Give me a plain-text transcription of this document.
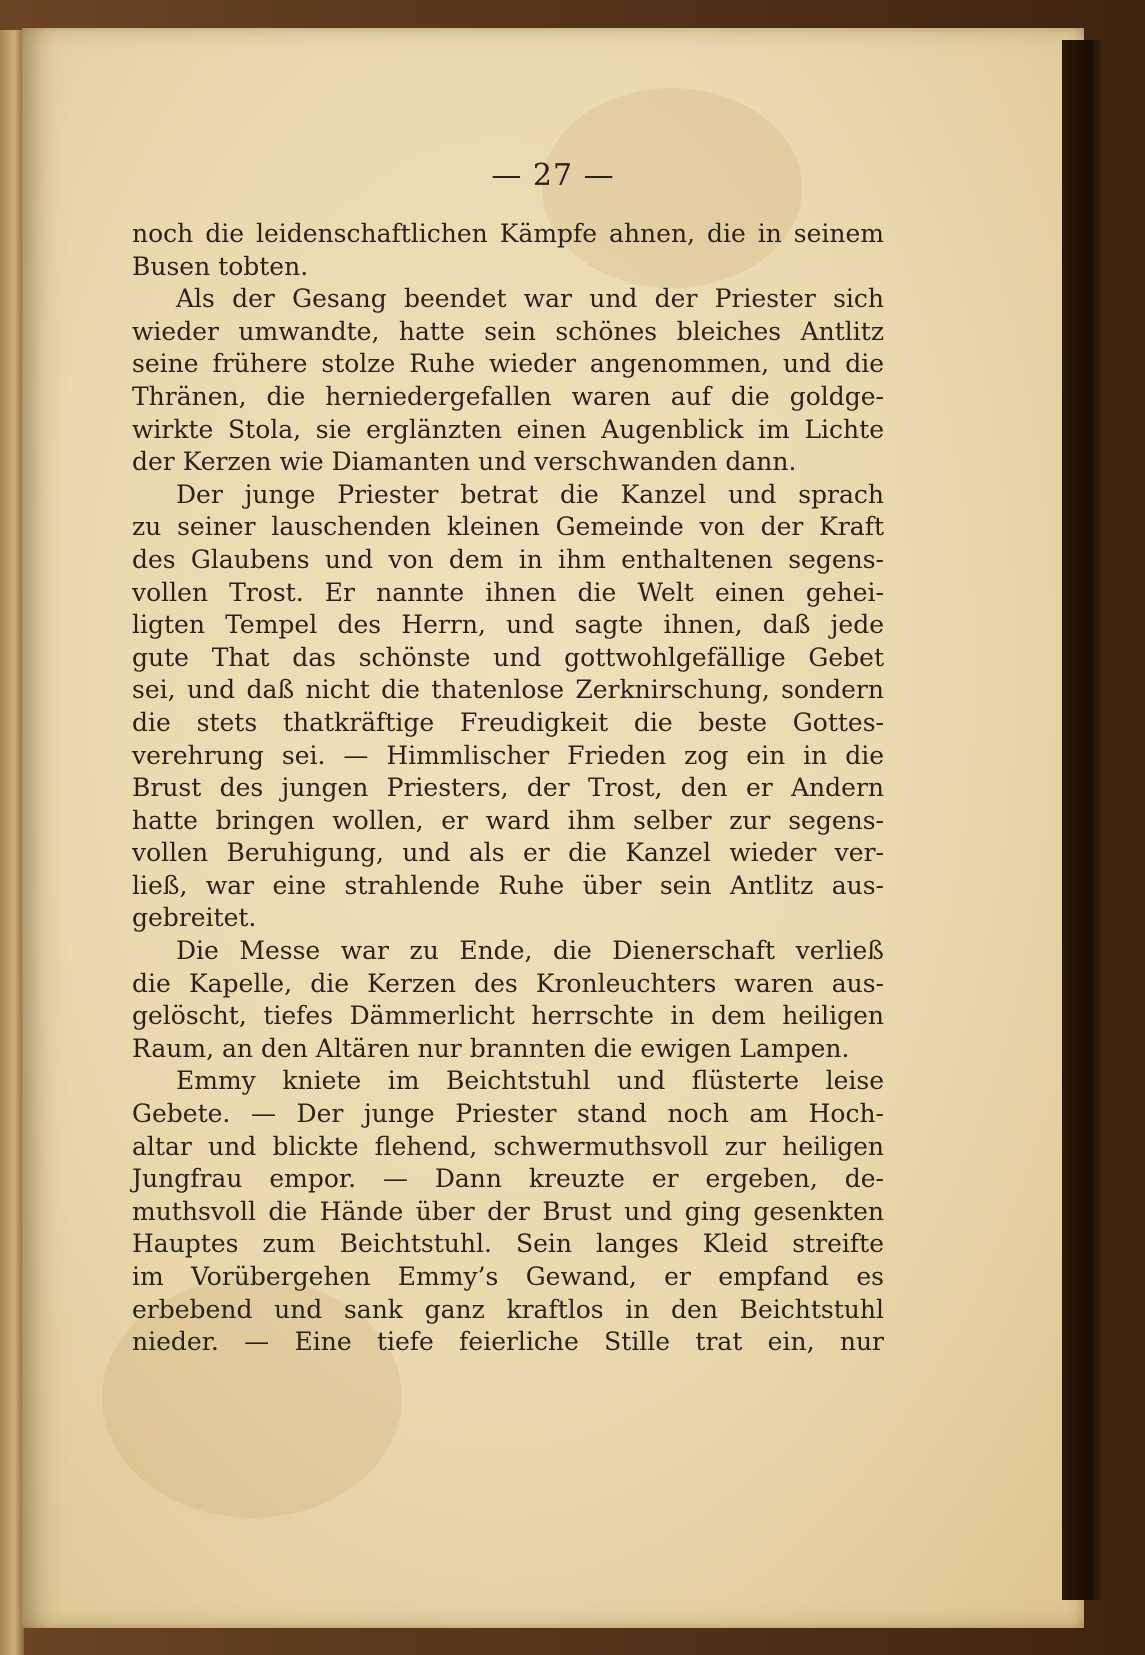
— 27 —
noch die leidenschaftlichen Kämpfe ahnen, die in seinem
Busen tobten.
Als der Gesang beendet war und der Priester sich
wieder umwandte, hatte sein schönes bleiches Antlitz
seine frühere stolze Ruhe wieder angenommen, und die
Thränen, die herniedergefallen waren auf die goldge-
wirkte Stola, sie erglänzten einen Augenblick im Lichte
der Kerzen wie Diamanten und verschwanden dann.
Der junge Priester betrat die Kanzel und sprach
zu seiner lauschenden kleinen Gemeinde von der Kraft
des Glaubens und von dem in ihm enthaltenen segens-
vollen Trost. Er nannte ihnen die Welt einen gehei-
ligten Tempel des Herrn, und sagte ihnen, daß jede
gute That das schönste und gottwohlgefällige Gebet
sei, und daß nicht die thatenlose Zerknirschung, sondern
die stets thatkräftige Freudigkeit die beste Gottes-
verehrung sei. — Himmlischer Frieden zog ein in die
Brust des jungen Priesters, der Trost, den er Andern
hatte bringen wollen, er ward ihm selber zur segens-
vollen Beruhigung, und als er die Kanzel wieder ver-
ließ, war eine strahlende Ruhe über sein Antlitz aus-
gebreitet.
Die Messe war zu Ende, die Dienerschaft verließ
die Kapelle, die Kerzen des Kronleuchters waren aus-
gelöscht, tiefes Dämmerlicht herrschte in dem heiligen
Raum, an den Altären nur brannten die ewigen Lampen.
Emmy kniete im Beichtstuhl und flüsterte leise
Gebete. — Der junge Priester stand noch am Hoch-
altar und blickte flehend, schwermuthsvoll zur heiligen
Jungfrau empor. — Dann kreuzte er ergeben, de-
muthsvoll die Hände über der Brust und ging gesenkten
Hauptes zum Beichtstuhl. Sein langes Kleid streifte
im Vorübergehen Emmy’s Gewand, er empfand es
erbebend und sank ganz kraftlos in den Beichtstuhl
nieder. — Eine tiefe feierliche Stille trat ein, nur
